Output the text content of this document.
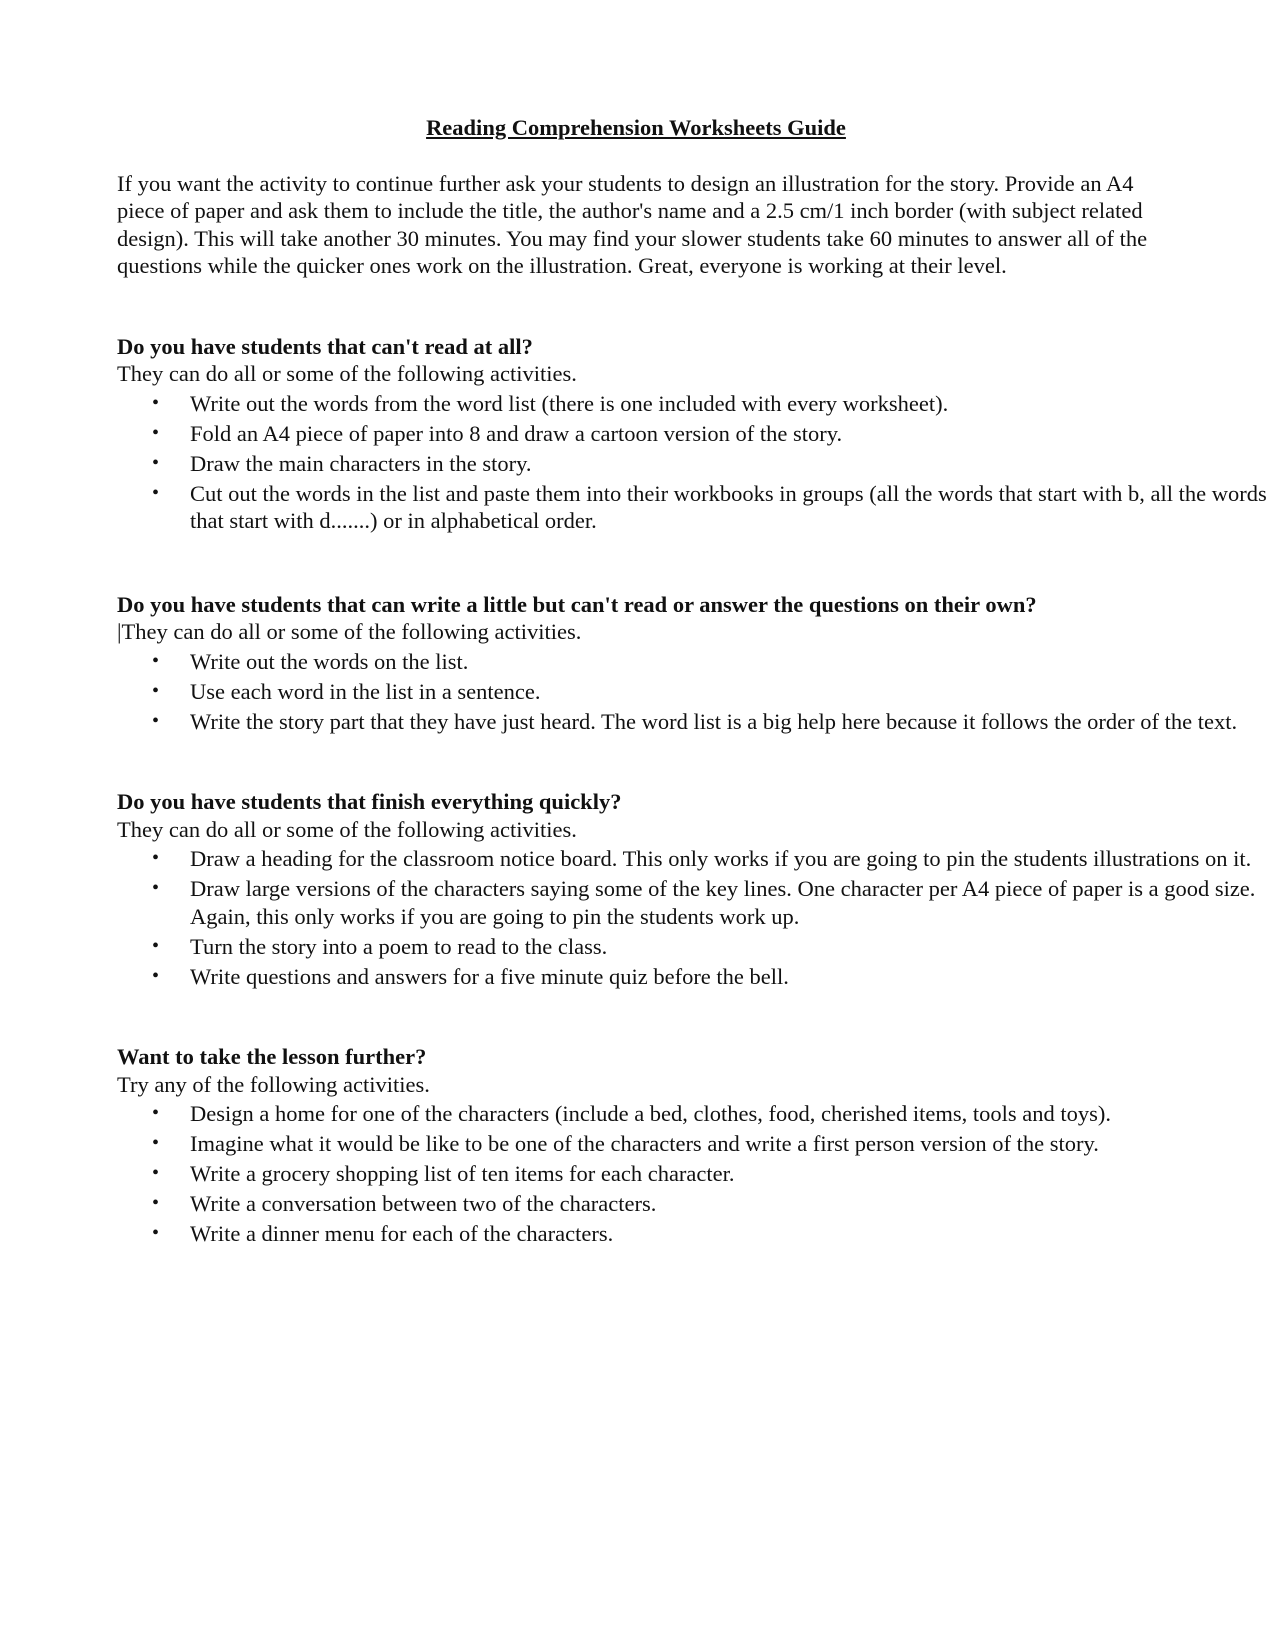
Reading Comprehension Worksheets Guide

If you want the activity to continue further ask your students to design an illustration for the story. Provide an A4 piece of paper and ask them to include the title, the author's name and a 2.5 cm/1 inch border (with subject related design). This will take another 30 minutes. You may find your slower students take 60 minutes to answer all of the questions while the quicker ones work on the illustration. Great, everyone is working at their level.

Do you have students that can't read at all?

They can do all or some of the following activities.

• Write out the words from the word list (there is one included with every worksheet).
• Fold an A4 piece of paper into 8 and draw a cartoon version of the story.
• Draw the main characters in the story.
• Cut out the words in the list and paste them into their workbooks in groups (all the words that start with b, all the words that start with d.......) or in alphabetical order.
Do you have students that can write a little but can't read or answer the questions on their own?

|They can do all or some of the following activities.

• Write out the words on the list.
• Use each word in the list in a sentence.
• Write the story part that they have just heard. The word list is a big help here because it follows the order of the text.
Do you have students that finish everything quickly?

They can do all or some of the following activities.

• Draw a heading for the classroom notice board. This only works if you are going to pin the students illustrations on it.
• Draw large versions of the characters saying some of the key lines. One character per A4 piece of paper is a good size. Again, this only works if you are going to pin the students work up.
• Turn the story into a poem to read to the class.
• Write questions and answers for a five minute quiz before the bell.
Want to take the lesson further?

Try any of the following activities.

• Design a home for one of the characters (include a bed, clothes, food, cherished items, tools and toys).
• Imagine what it would be like to be one of the characters and write a first person version of the story.
• Write a grocery shopping list of ten items for each character.
• Write a conversation between two of the characters.
• Write a dinner menu for each of the characters.
